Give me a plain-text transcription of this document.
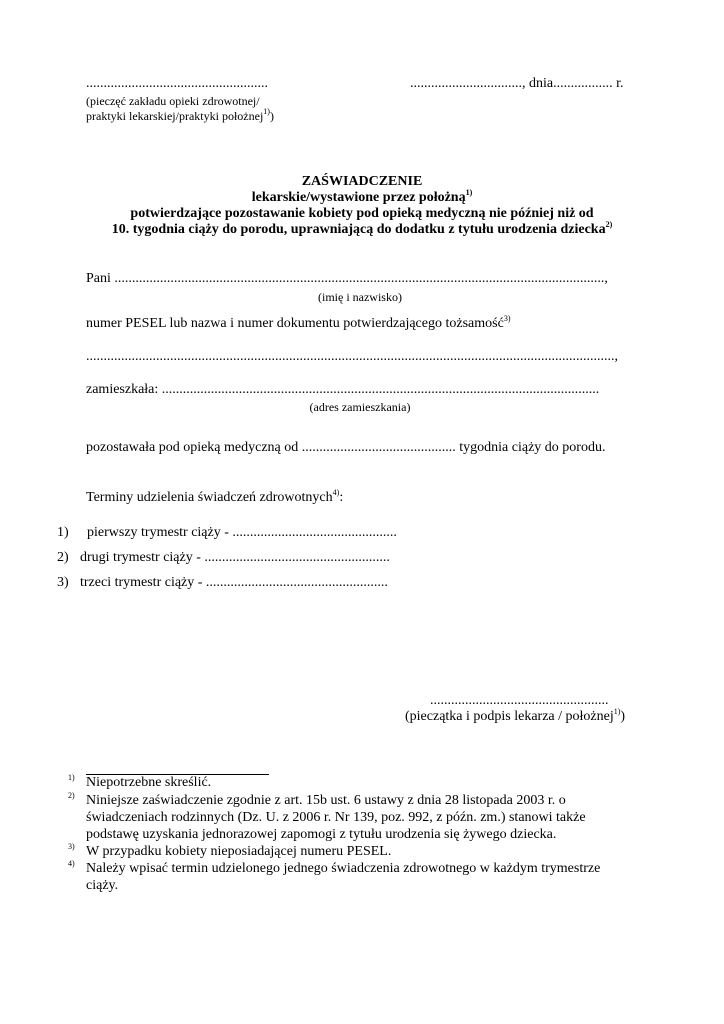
....................................................	................................, dnia................. r.
(pieczęć zakładu opieki zdrowotnej/
praktyki lekarskiej/praktyki położnej$^{1)}$)
ZAŚWIADCZENIE
lekarskie/wystawione przez położną$^{1)}$
potwierdzające pozostawanie kobiety pod opieką medyczną nie później niż od
10. tygodnia ciąży do porodu, uprawniającą do dodatku z tytułu urodzenia dziecka$^{2)}$
Pani ............................................................................................................................................,
(imię i nazwisko)
numer PESEL lub nazwa i numer dokumentu potwierdzającego tożsamość$^{3)}$
.......................................................................................................................................................,
zamieszkała: .............................................................................................................................
(adres zamieszkania)
pozostawała pod opieką medyczną od ............................................ tygodnia ciąży do porodu.
Terminy udzielenia świadczeń zdrowotnych$^{4)}$:
1) pierwszy trymestr ciąży - ...............................................
2) drugi trymestr ciąży - .....................................................
3) trzeci trymestr ciąży - ....................................................
...................................................
(pieczątka i podpis lekarza / położnej$^{1)}$)
1) Niepotrzebne skreślić.
2) Niniejsze zaświadczenie zgodnie z art. 15b ust. 6 ustawy z dnia 28 listopada 2003 r. o
świadczeniach rodzinnych (Dz. U. z 2006 r. Nr 139, poz. 992, z późn. zm.) stanowi także
podstawę uzyskania jednorazowej zapomogi z tytułu urodzenia się żywego dziecka.
3) W przypadku kobiety nieposiadającej numeru PESEL.
4) Należy wpisać termin udzielonego jednego świadczenia zdrowotnego w każdym trymestrze
ciąży.
